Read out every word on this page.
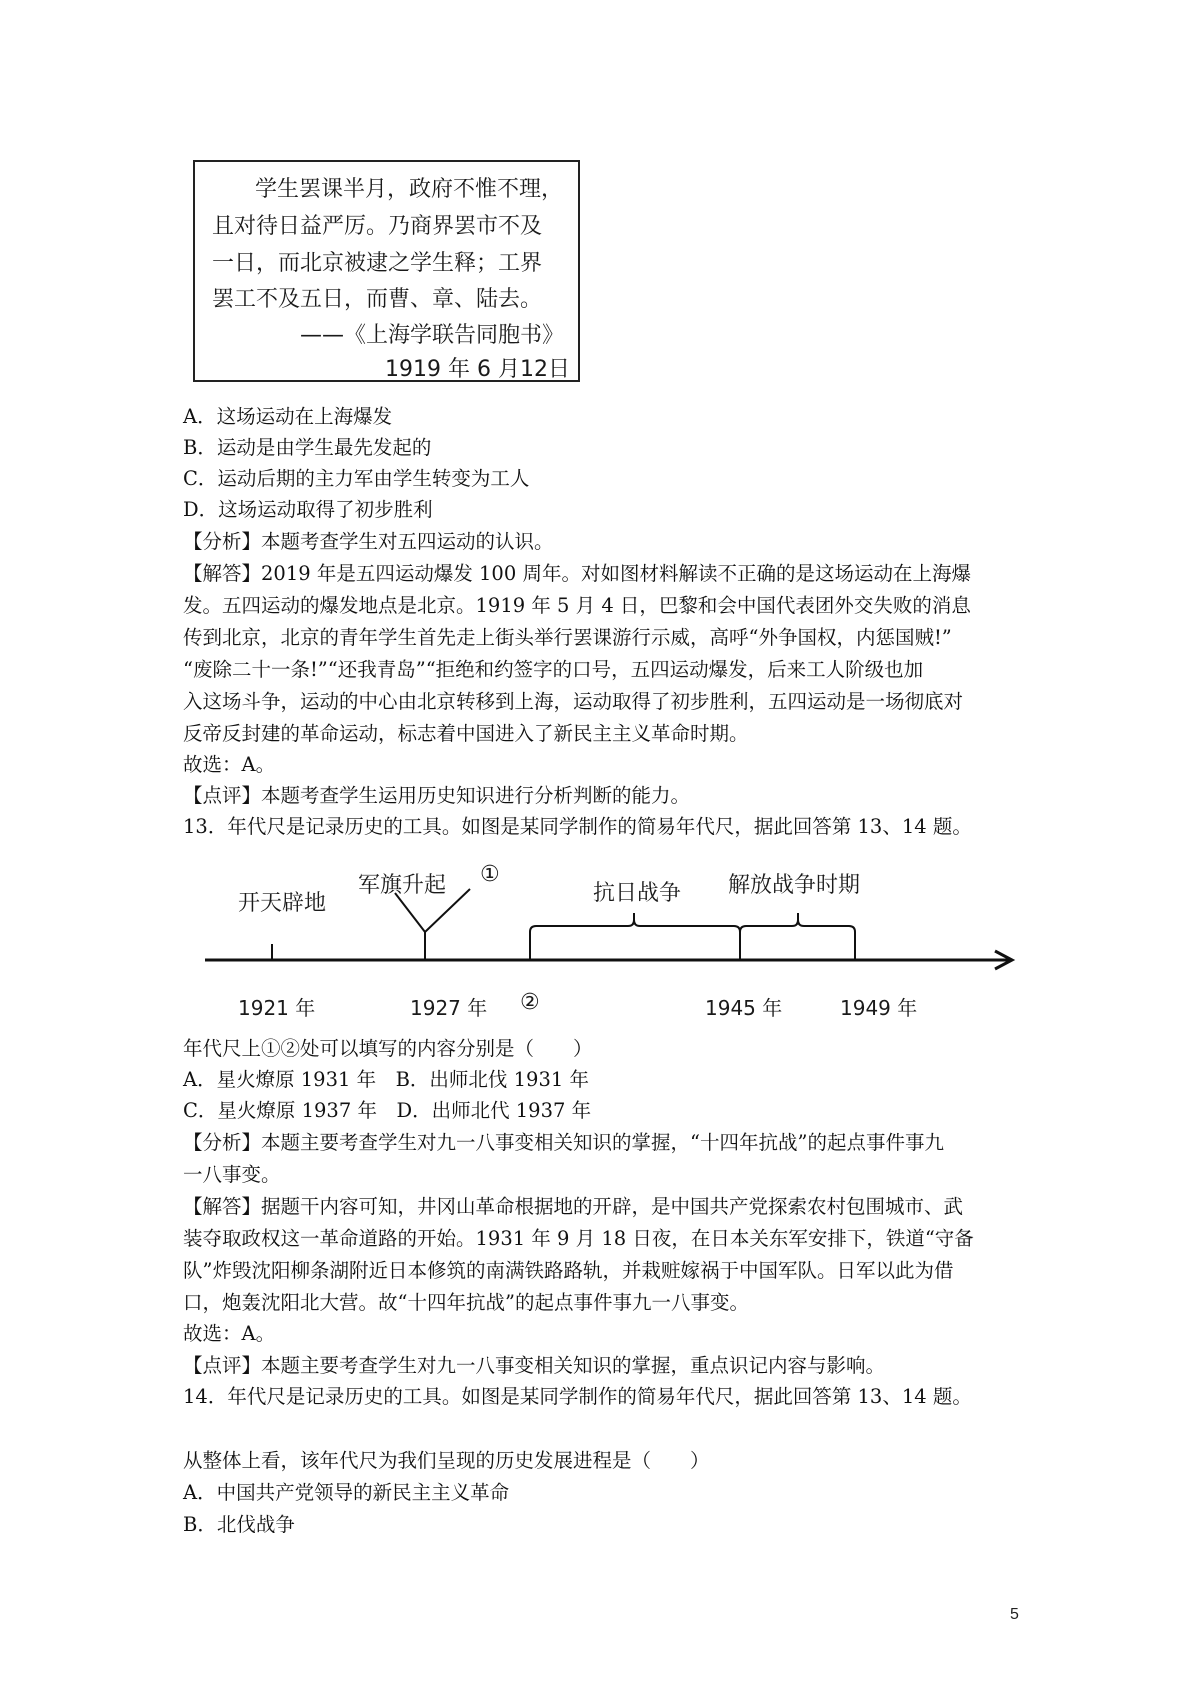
学生罢课半月，政府不惟不理，
且对待日益严厉。乃商界罢市不及
一日，而北京被逮之学生释；工界
罢工不及五日，而曹、章、陆去。
——《上海学联告同胞书》
1919 年 6 月12日
A．这场运动在上海爆发
B．运动是由学生最先发起的
C．运动后期的主力军由学生转变为工人
D．这场运动取得了初步胜利
【分析】本题考查学生对五四运动的认识。
【解答】2019 年是五四运动爆发 100 周年。对如图材料解读不正确的是这场运动在上海爆
发。五四运动的爆发地点是北京。1919 年 5 月 4 日，巴黎和会中国代表团外交失败的消息
传到北京，北京的青年学生首先走上街头举行罢课游行示威，高呼“外争国权，内惩国贼!”
“废除二十一条!”“还我青岛”“拒绝和约签字的口号，五四运动爆发，后来工人阶级也加
入这场斗争，运动的中心由北京转移到上海，运动取得了初步胜利，五四运动是一场彻底对
反帝反封建的革命运动，标志着中国进入了新民主主义革命时期。
故选：A。
【点评】本题考查学生运用历史知识进行分析判断的能力。
13．年代尺是记录历史的工具。如图是某同学制作的简易年代尺，据此回答第 13、14 题。
开天辟地
军旗升起 ①
抗日战争 解放战争时期
1921 年	1927 年 ②	1945 年	1949 年
年代尺上①②处可以填写的内容分别是（　　）
A．星火燎原 1931 年　B．出师北伐 1931 年
C．星火燎原 1937 年　D．出师北代 1937 年
【分析】本题主要考查学生对九一八事变相关知识的掌握，“十四年抗战”的起点事件事九
一八事变。
【解答】据题干内容可知，井冈山革命根据地的开辟，是中国共产党探索农村包围城市、武
装夺取政权这一革命道路的开始。1931 年 9 月 18 日夜，在日本关东军安排下，铁道“守备
队”炸毁沈阳柳条湖附近日本修筑的南满铁路路轨，并栽赃嫁祸于中国军队。日军以此为借
口，炮轰沈阳北大营。故“十四年抗战”的起点事件事九一八事变。
故选：A。
【点评】本题主要考查学生对九一八事变相关知识的掌握，重点识记内容与影响。
14．年代尺是记录历史的工具。如图是某同学制作的简易年代尺，据此回答第 13、14 题。
从整体上看，该年代尺为我们呈现的历史发展进程是（　　）
A．中国共产党领导的新民主主义革命
B．北伐战争
5
